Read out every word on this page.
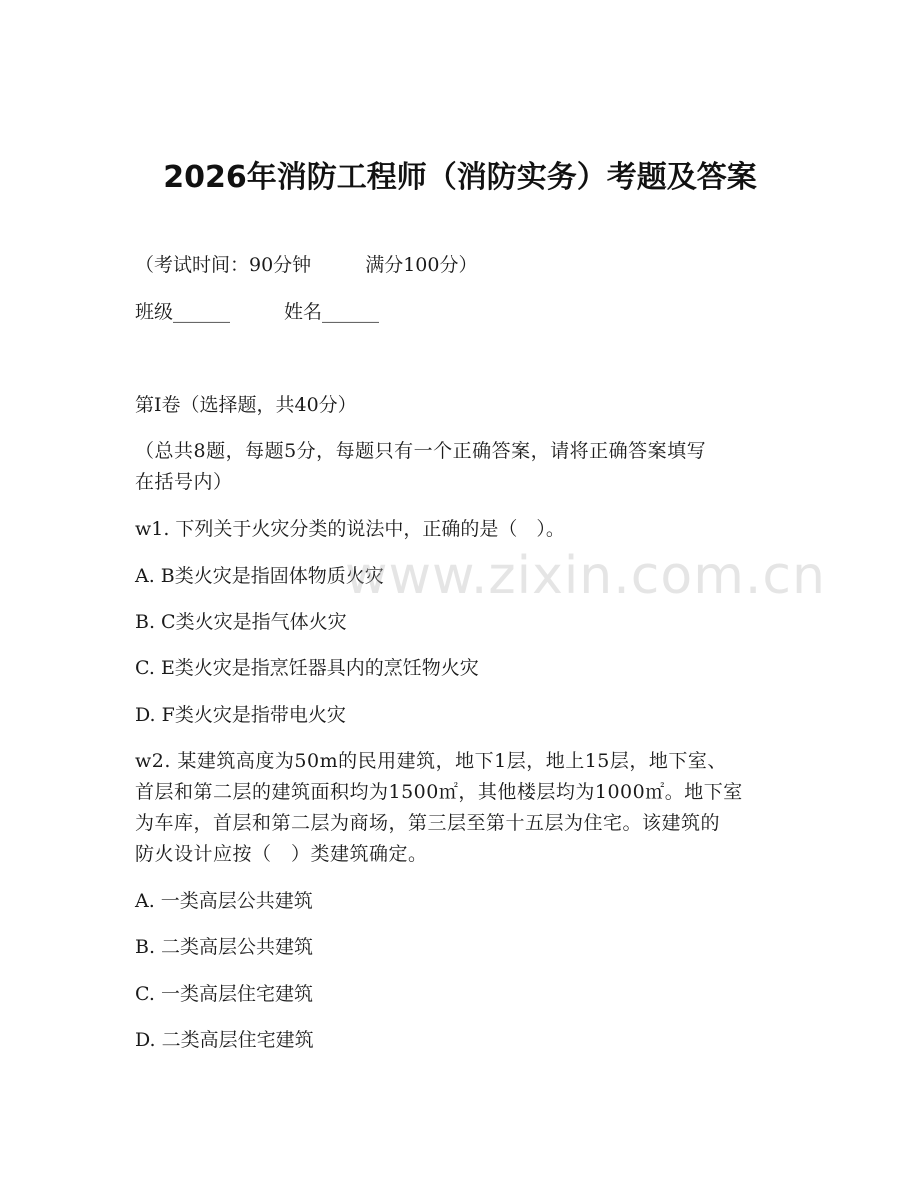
2026年消防工程师（消防实务）考题及答案
（考试时间：90分钟	满分100分）
班级______	姓名______
第I卷（选择题，共40分）
（总共8题，每题5分，每题只有一个正确答案，请将正确答案填写
在括号内）
w1. 下列关于火灾分类的说法中，正确的是（　）。
A. B类火灾是指固体物质火灾
B. C类火灾是指气体火灾
C. E类火灾是指烹饪器具内的烹饪物火灾
D. F类火灾是指带电火灾
w2. 某建筑高度为50m的民用建筑，地下1层，地上15层，地下室、
首层和第二层的建筑面积均为1500㎡，其他楼层均为1000㎡。地下室
为车库，首层和第二层为商场，第三层至第十五层为住宅。该建筑的
防火设计应按（　）类建筑确定。
A. 一类高层公共建筑
B. 二类高层公共建筑
C. 一类高层住宅建筑
D. 二类高层住宅建筑
www.zixin.com.cn
